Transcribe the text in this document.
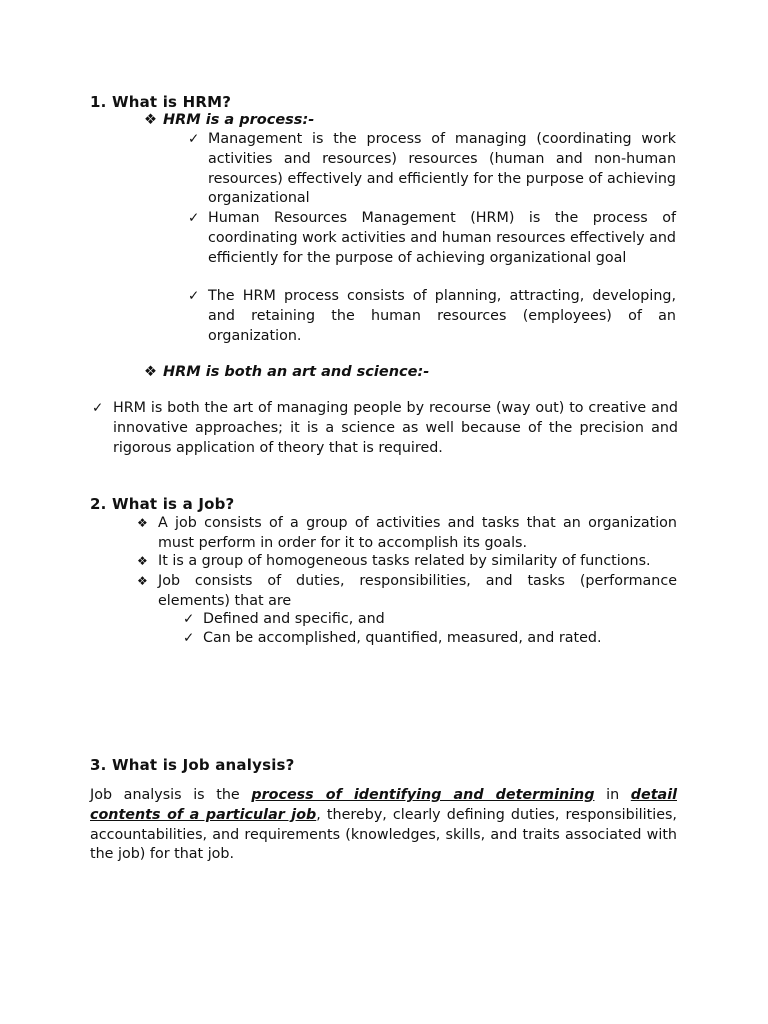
1. What is HRM?
❖ HRM is a process:-
✓ Management is the process of managing (coordinating work activities and resources) resources (human and non-human resources) effectively and efficiently for the purpose of achieving organizational
✓ Human Resources Management (HRM) is the process of coordinating work activities and human resources effectively and efficiently for the purpose of achieving organizational goal
✓ The HRM process consists of planning, attracting, developing, and retaining the human resources (employees) of an organization.
❖ HRM is both an art and science:-
✓ HRM is both the art of managing people by recourse (way out) to creative and innovative approaches; it is a science as well because of the precision and rigorous application of theory that is required.
2. What is a Job?
❖ A job consists of a group of activities and tasks that an organization must perform in order for it to accomplish its goals.
❖ It is a group of homogeneous tasks related by similarity of functions.
❖ Job consists of duties, responsibilities, and tasks (performance elements) that are
✓ Defined and specific, and
✓ Can be accomplished, quantified, measured, and rated.
3. What is Job analysis?
Job analysis is the process of identifying and determining in detail contents of a particular job, thereby, clearly defining duties, responsibilities, accountabilities, and requirements (knowledges, skills, and traits associated with the job) for that job.
